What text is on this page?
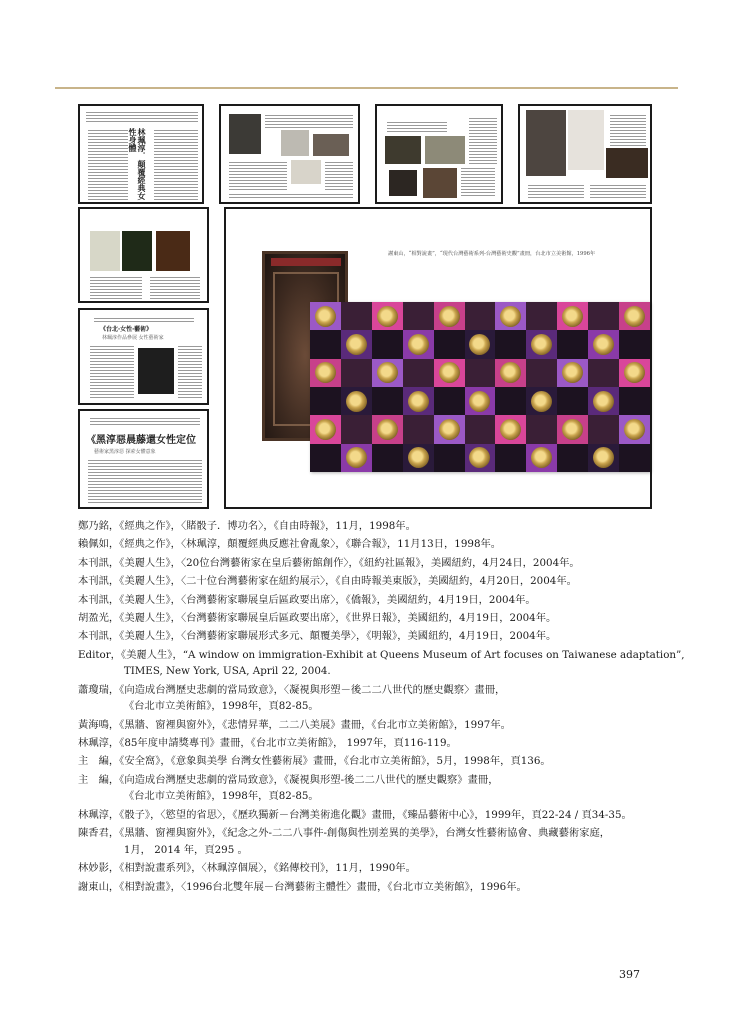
林珮淳．顛覆經典女性身體
《台北‧女性‧藝術》
林珮淳作品參展 女性藝術家
《黑淳惡晨藤還女性定位
藝術家黑淳惡 探索女體意象
謝東山，“相對說畫”，“現代台灣藝術系列-台灣藝術史觀”畫冊，台北市立美術館，1996年
鄭乃銘，《經典之作》，〈賭骰子．博功名〉，《自由時報》，11月，1998年。
賴佩如，《經典之作》，〈林珮淳，顛覆經典反應社會亂象〉，《聯合報》，11月13日，1998年。
本刊訊，《美麗人生》，〈20位台灣藝術家在皇后藝術館創作〉，《紐約社區報》，美國紐約，4月24日，2004年。
本刊訊，《美麗人生》，〈二十位台灣藝術家在紐約展示〉，《自由時報美東版》，美國紐約，4月20日，2004年。
本刊訊，《美麗人生》，〈台灣藝術家聯展皇后區政要出席〉，《僑報》，美國紐約，4月19日，2004年。
胡盈光，《美麗人生》，〈台灣藝術家聯展皇后區政要出席〉，《世界日報》，美國紐約，4月19日，2004年。
本刊訊，《美麗人生》，〈台灣藝術家聯展形式多元、顛覆美學〉，《明報》，美國紐約，4月19日，2004年。
Editor，《美麗人生》，“A window on immigration-Exhibit at Queens Museum of Art focuses on Taiwanese adaptation”,
TIMES, New York, USA, April 22, 2004.
蕭瓊瑞，《向造成台灣歷史悲劇的當局致意》，〈凝視與形塑－後二二八世代的歷史觀察〉畫冊，
《台北市立美術館》，1998年，頁82-85。
黃海鳴，《黑牆、窗裡與窗外》，《悲情昇華，二二八美展》畫冊，《台北市立美術館》，1997年。
林珮淳，《85年度申請獎專刊》畫冊，《台北市立美術館》， 1997年，頁116-119。
主　編，《安全窩》，《意象與美學 台灣女性藝術展》畫冊，《台北市立美術館》，5月，1998年，頁136。
主　編，《向造成台灣歷史悲劇的當局致意》，《凝視與形塑-後二二八世代的歷史觀察》畫冊，
《台北市立美術館》，1998年，頁82-85。
林珮淳，《骰子》，〈慾望的省思〉，《歷玖獨新－台灣美術進化觀》畫冊，《臻品藝術中心》，1999年，頁22-24 / 頁34-35。
陳香君，《黑牆、窗裡與窗外》，《紀念之外-二二八事件-創傷與性別差異的美學》，台灣女性藝術協會、典藏藝術家庭，
1月， 2014 年，頁295 。
林妙影，《相對說畫系列》，〈林珮淳個展〉，《銘傳校刊》，11月，1990年。
謝東山，《相對說畫》，〈1996台北雙年展－台灣藝術主體性〉畫冊，《台北市立美術館》，1996年。
397
